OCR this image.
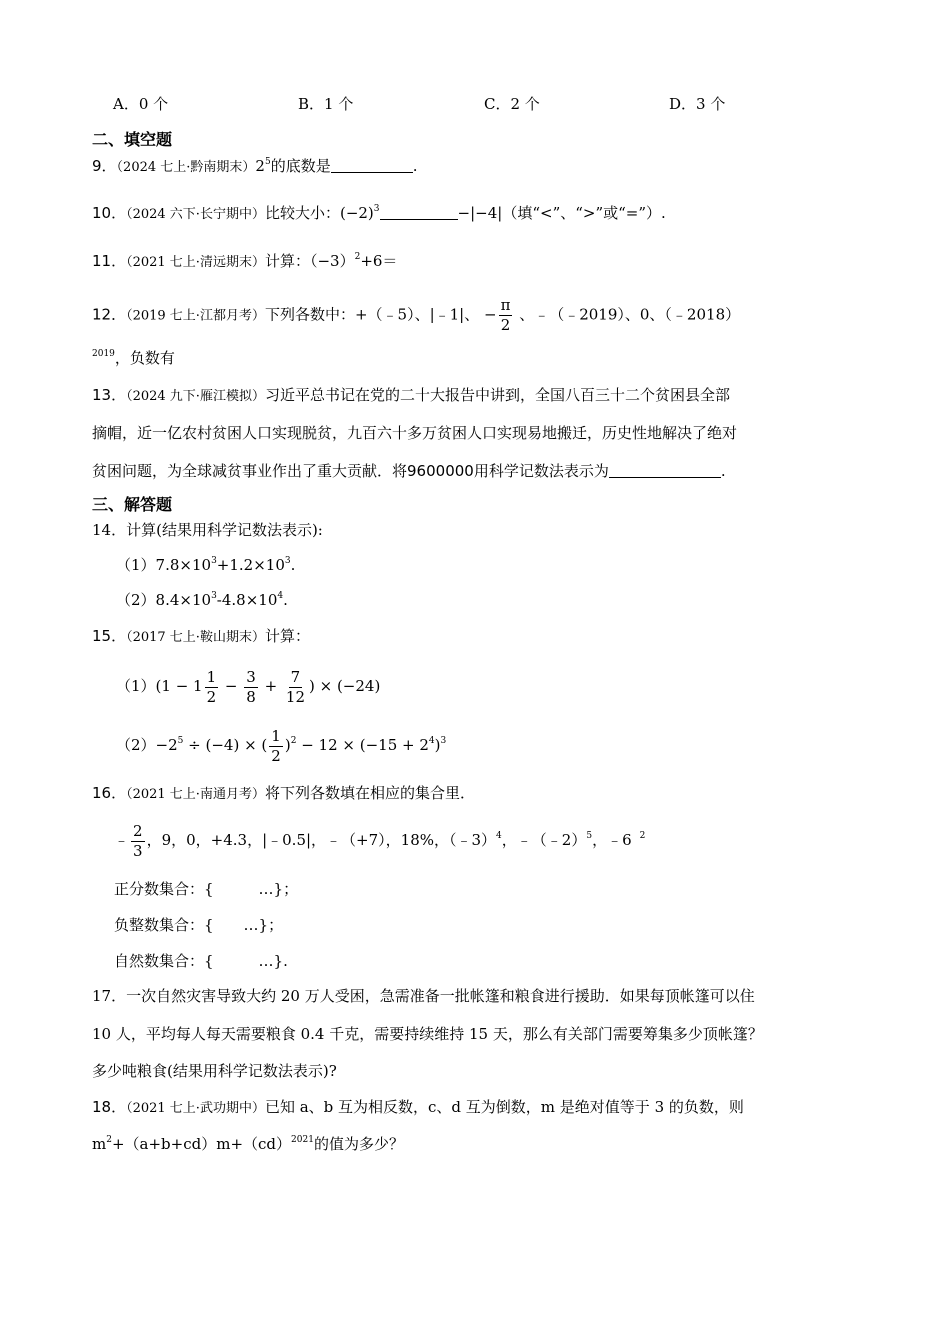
A．0 个	B．1 个	C．2 个	D．3 个
二、填空题
9．（2024 七上·黔南期末）$2^5$的底数是	.
10．（2024 六下·长宁期中）比较大小：$(-2)^3$	−|−4|（填“<”、“>”或“=”）.
11．（2021 七上·清远期末）计算：$(-3)^2+6=$
12．（2019 七上·江都月考）下列各数中：+（﹣5）、|﹣1|、 − $\frac{\pi}{2}$ 、﹣（﹣2019）、0、（﹣2018）
$^{2019}$，负数有
13．（2024 九下·雁江模拟）习近平总书记在党的二十大报告中讲到，全国八百三十二个贫困县全部
摘帽，近一亿农村贫困人口实现脱贫，九百六十多万贫困人口实现易地搬迁，历史性地解决了绝对
贫困问题，为全球减贫事业作出了重大贡献．将9600000用科学记数法表示为	.
三、解答题
14．计算(结果用科学记数法表示):
$(1)7.8\times 10^3+1.2\times 10^3$.
$(2)8.4\times 10^3-4.8\times 10^4$.
15．（2017 七上·鞍山期末）计算：
$(1)(1 - 1 \frac{1}{2} - \frac{3}{8} + \frac{7}{12}$ ) × (−24)
$(2)-2^5 \div (-4)$ × ( $\frac{1}{2} )^2 - 12 \times (-15 + 2^4)^3$
16．（2021 七上·南通月考）将下列各数填在相应的集合里．
﹣ $\frac{2}{3}$ ，9，0，+4.3，|﹣0.5|，﹣（+7），18%，（﹣3）$^4$，﹣（﹣2）$^5$，﹣6 $^2$
正分数集合：{　　　…}；
负整数集合：{　　…}；
自然数集合：{　　　…}.
17．一次自然灾害导致大约 20 万人受困，急需准备一批帐篷和粮食进行援助．如果每顶帐篷可以住
10 人，平均每人每天需要粮食 0.4 千克，需要持续维持 15 天，那么有关部门需要筹集多少顶帐篷？
多少吨粮食(结果用科学记数法表示)?
18．（2021 七上·武功期中）已知 a、b 互为相反数，c、d 互为倒数，m 是绝对值等于 3 的负数，则
$m^2+(a+b+cd)m+(cd)^{2021}$的值为多少？
